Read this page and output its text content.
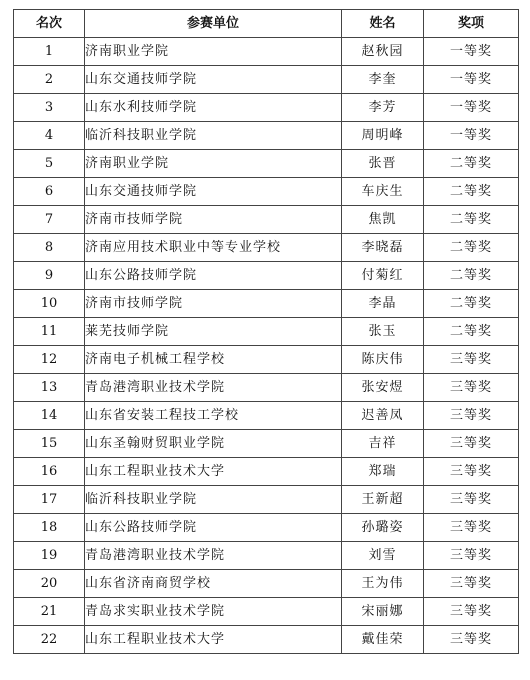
名次	参赛单位	姓名	奖项
1	济南职业学院	赵秋园	一等奖
2	山东交通技师学院	李奎	一等奖
3	山东水利技师学院	李芳	一等奖
4	临沂科技职业学院	周明峰	一等奖
5	济南职业学院	张晋	二等奖
6	山东交通技师学院	车庆生	二等奖
7	济南市技师学院	焦凯	二等奖
8	济南应用技术职业中等专业学校	李晓磊	二等奖
9	山东公路技师学院	付菊红	二等奖
10	济南市技师学院	李晶	二等奖
11	莱芜技师学院	张玉	二等奖
12	济南电子机械工程学校	陈庆伟	三等奖
13	青岛港湾职业技术学院	张安煜	三等奖
14	山东省安装工程技工学校	迟善凤	三等奖
15	山东圣翰财贸职业学院	吉祥	三等奖
16	山东工程职业技术大学	郑瑞	三等奖
17	临沂科技职业学院	王新超	三等奖
18	山东公路技师学院	孙璐姿	三等奖
19	青岛港湾职业技术学院	刘雪	三等奖
20	山东省济南商贸学校	王为伟	三等奖
21	青岛求实职业技术学院	宋丽娜	三等奖
22	山东工程职业技术大学	戴佳荣	三等奖
